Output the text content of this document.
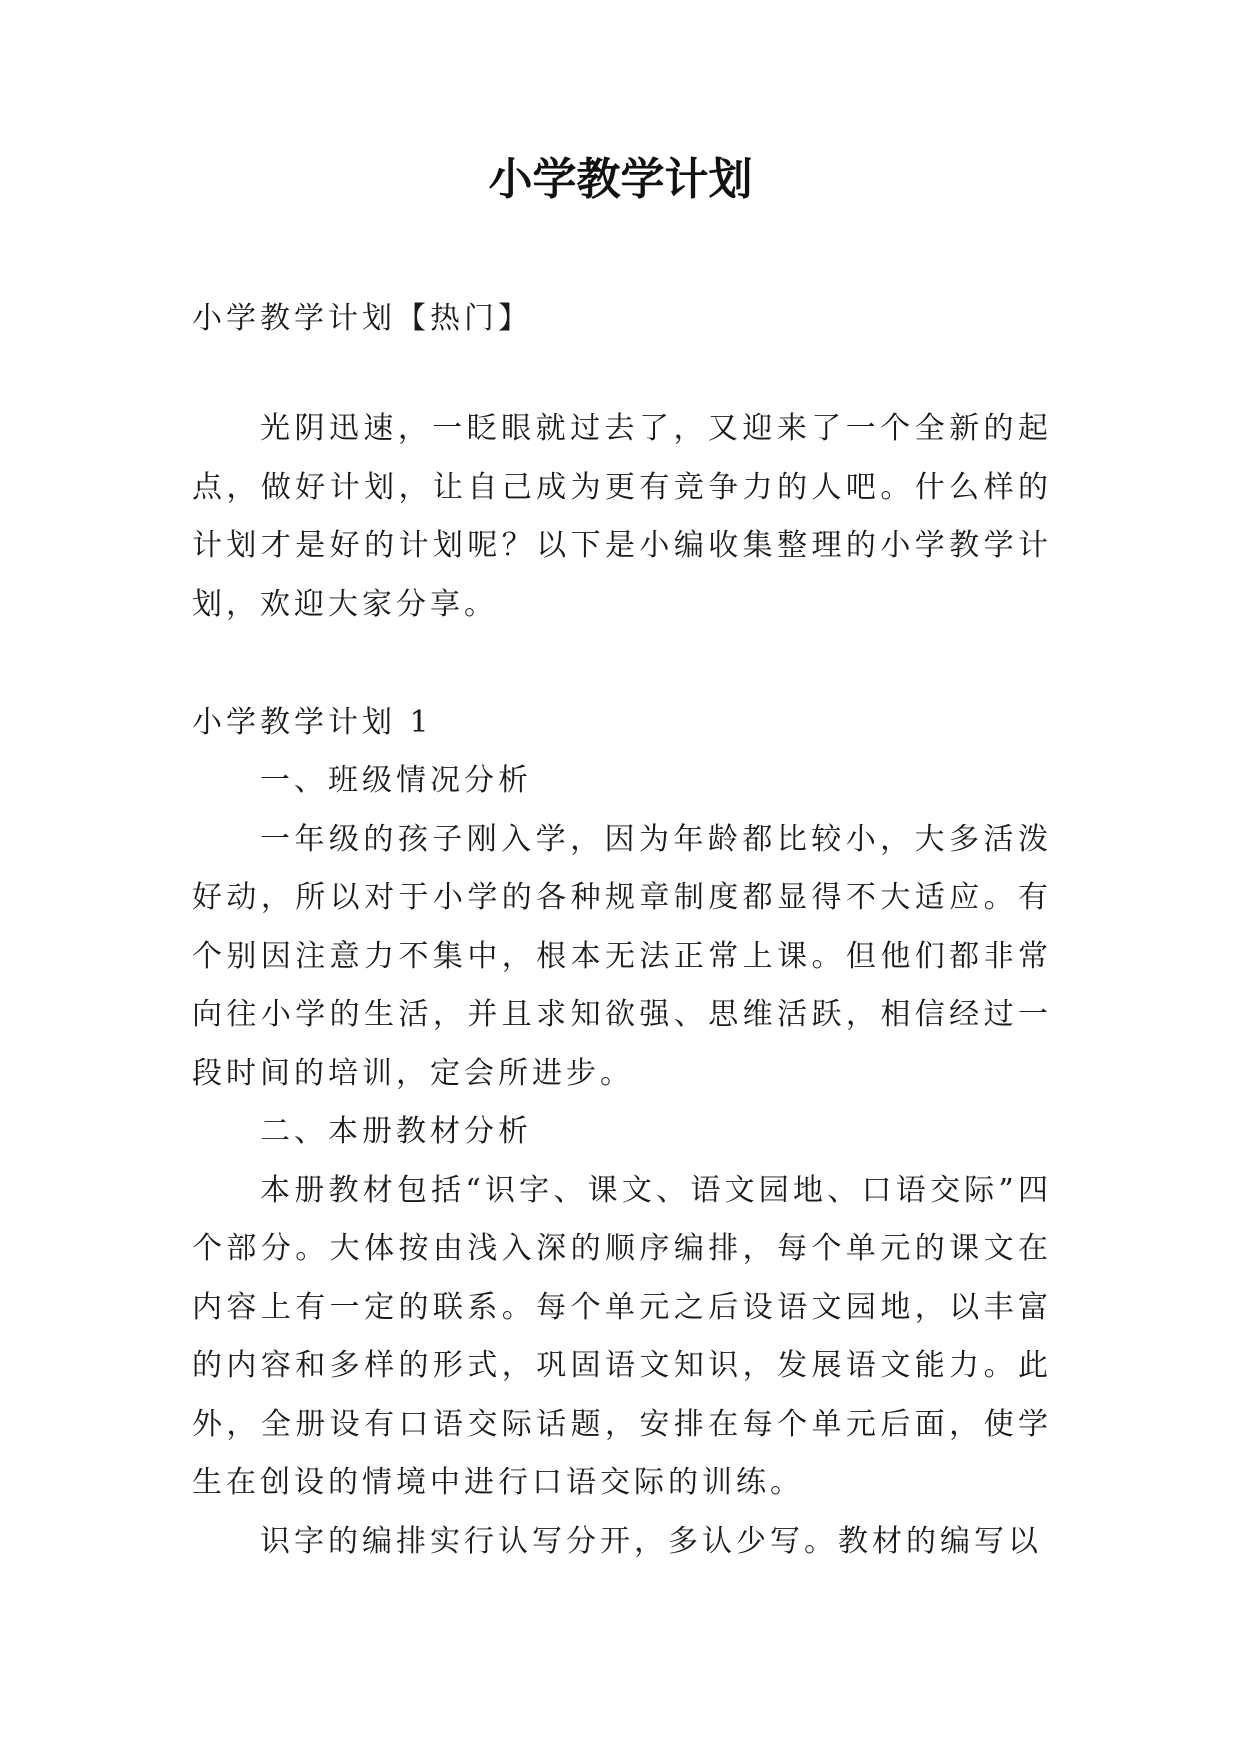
小学教学计划

小学教学计划【热门】

光阴迅速，一眨眼就过去了，又迎来了一个全新的起点，做好计划，让自己成为更有竞争力的人吧。什么样的计划才是好的计划呢？以下是小编收集整理的小学教学计划，欢迎大家分享。

小学教学计划 1

一、班级情况分析

一年级的孩子刚入学，因为年龄都比较小，大多活泼好动，所以对于小学的各种规章制度都显得不大适应。有个别因注意力不集中，根本无法正常上课。但他们都非常向往小学的生活，并且求知欲强、思维活跃，相信经过一段时间的培训，定会所进步。

二、本册教材分析

本册教材包括“识字、课文、语文园地、口语交际”四个部分。大体按由浅入深的顺序编排，每个单元的课文在内容上有一定的联系。每个单元之后设语文园地，以丰富的内容和多样的形式，巩固语文知识，发展语文能力。此外，全册设有口语交际话题，安排在每个单元后面，使学生在创设的情境中进行口语交际的训练。

识字的编排实行认写分开，多认少写。教材的编写以
